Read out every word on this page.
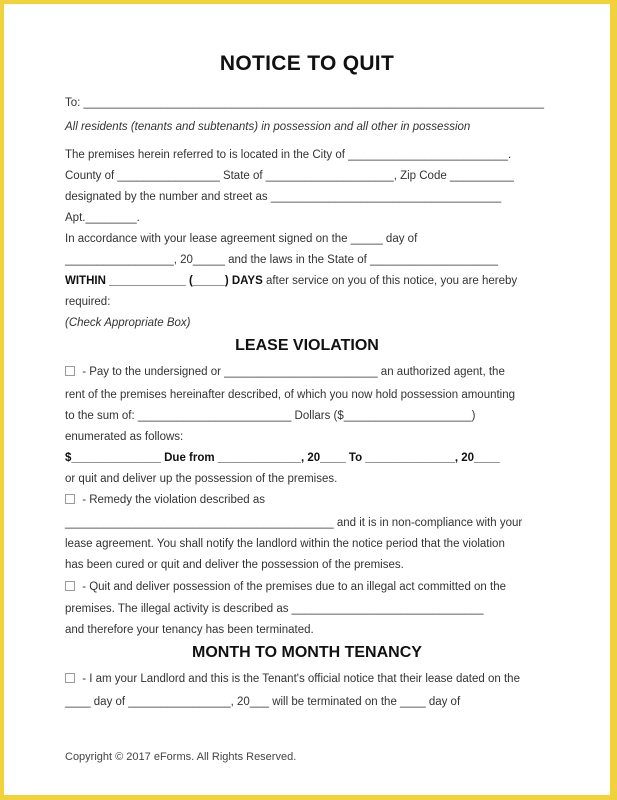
NOTICE TO QUIT
To: ________________________________________________________________________
All residents (tenants and subtenants) in possession and all other in possession
The premises herein referred to is located in the City of _________________________.
County of ________________ State of ____________________, Zip Code __________
designated by the number and street as ____________________________________
Apt.________.
In accordance with your lease agreement signed on the _____ day of
_________________, 20_____ and the laws in the State of ____________________
WITHIN ____________ (_____) DAYS after service on you of this notice, you are hereby
required:
(Check Appropriate Box)
LEASE VIOLATION
- Pay to the undersigned or ________________________ an authorized agent, the
rent of the premises hereinafter described, of which you now hold possession amounting
to the sum of: ________________________ Dollars ($____________________)
enumerated as follows:
$______________ Due from _____________, 20____ To ______________, 20____
or quit and deliver up the possession of the premises.
- Remedy the violation described as
__________________________________________ and it is in non-compliance with your
lease agreement. You shall notify the landlord within the notice period that the violation
has been cured or quit and deliver the possession of the premises.
- Quit and deliver possession of the premises due to an illegal act committed on the
premises. The illegal activity is described as ______________________________
and therefore your tenancy has been terminated.
MONTH TO MONTH TENANCY
- I am your Landlord and this is the Tenant's official notice that their lease dated on the
____ day of ________________, 20___ will be terminated on the ____ day of
Copyright © 2017 eForms. All Rights Reserved.
